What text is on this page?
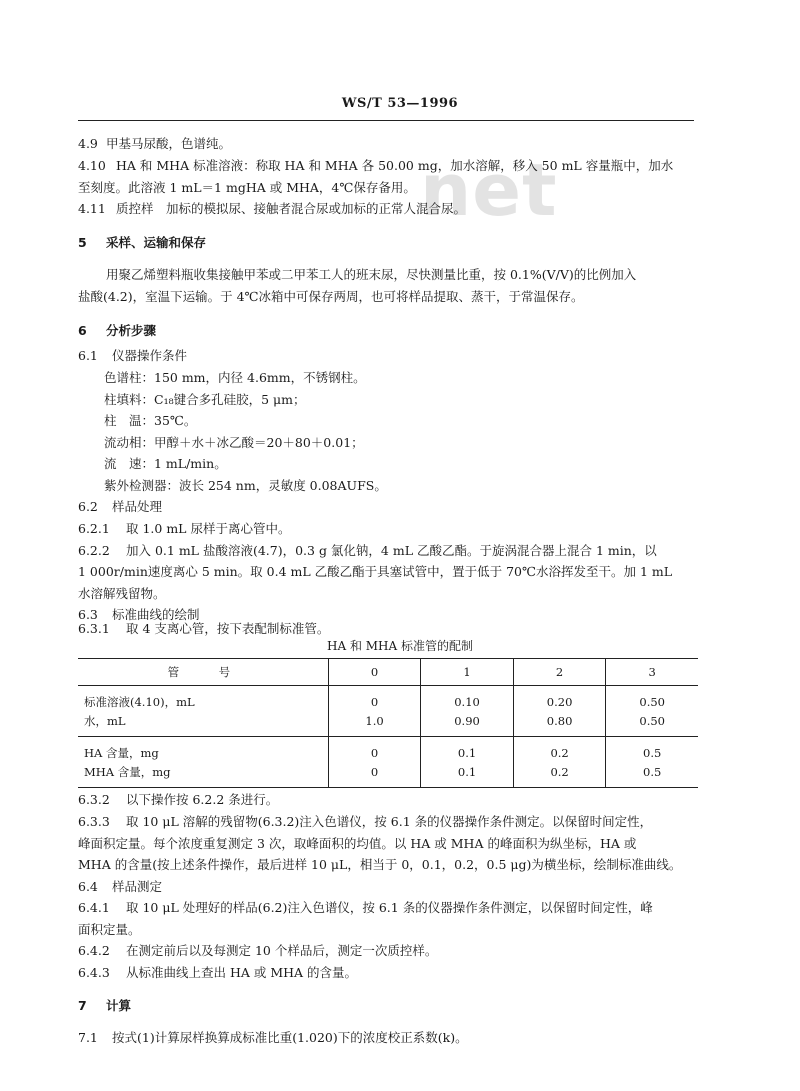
net
WS/T 53—1996
4.9 甲基马尿酸，色谱纯。
4.10 HA 和 MHA 标准溶液：称取 HA 和 MHA 各 50.00 mg，加水溶解，移入 50 mL 容量瓶中，加水
至刻度。此溶液 1 mL＝1 mgHA 或 MHA，4℃保存备用。
4.11 质控样　加标的模拟尿、接触者混合尿或加标的正常人混合尿。
5 采样、运输和保存
用聚乙烯塑料瓶收集接触甲苯或二甲苯工人的班末尿，尽快测量比重，按 0.1%(V/V)的比例加入
盐酸(4.2)，室温下运输。于 4℃冰箱中可保存两周，也可将样品提取、蒸干，于常温保存。
6 分析步骤
6.1 仪器操作条件
色谱柱：150 mm，内径 4.6mm，不锈钢柱。
柱填料：C₁₈键合多孔硅胶，5 μm；
柱　温：35℃。
流动相：甲醇＋水＋冰乙酸＝20＋80＋0.01；
流　速：1 mL/min。
紫外检测器：波长 254 nm，灵敏度 0.08AUFS。
6.2 样品处理
6.2.1 取 1.0 mL 尿样于离心管中。
6.2.2 加入 0.1 mL 盐酸溶液(4.7)，0.3 g 氯化钠，4 mL 乙酸乙酯。于旋涡混合器上混合 1 min，以
1 000r/min速度离心 5 min。取 0.4 mL 乙酸乙酯于具塞试管中，置于低于 70℃水浴挥发至干。加 1 mL
水溶解残留物。
6.3 标准曲线的绘制
6.3.1 取 4 支离心管，按下表配制标准管。
HA 和 MHA 标准管的配制
管　号	0	1	2	3
标准溶液(4.10)，mL	0	0.10	0.20	0.50
水，mL	1.0	0.90	0.80	0.50
HA 含量，mg	0	0.1	0.2	0.5
MHA 含量，mg	0	0.1	0.2	0.5
6.3.2 以下操作按 6.2.2 条进行。
6.3.3 取 10 μL 溶解的残留物(6.3.2)注入色谱仪，按 6.1 条的仪器操作条件测定。以保留时间定性，
峰面积定量。每个浓度重复测定 3 次，取峰面积的均值。以 HA 或 MHA 的峰面积为纵坐标，HA 或
MHA 的含量(按上述条件操作，最后进样 10 μL，相当于 0，0.1，0.2，0.5 μg)为横坐标，绘制标准曲线。
6.4 样品测定
6.4.1 取 10 μL 处理好的样品(6.2)注入色谱仪，按 6.1 条的仪器操作条件测定，以保留时间定性，峰
面积定量。
6.4.2 在测定前后以及每测定 10 个样品后，测定一次质控样。
6.4.3 从标准曲线上查出 HA 或 MHA 的含量。
7 计算
7.1 按式(1)计算尿样换算成标准比重(1.020)下的浓度校正系数(k)。
